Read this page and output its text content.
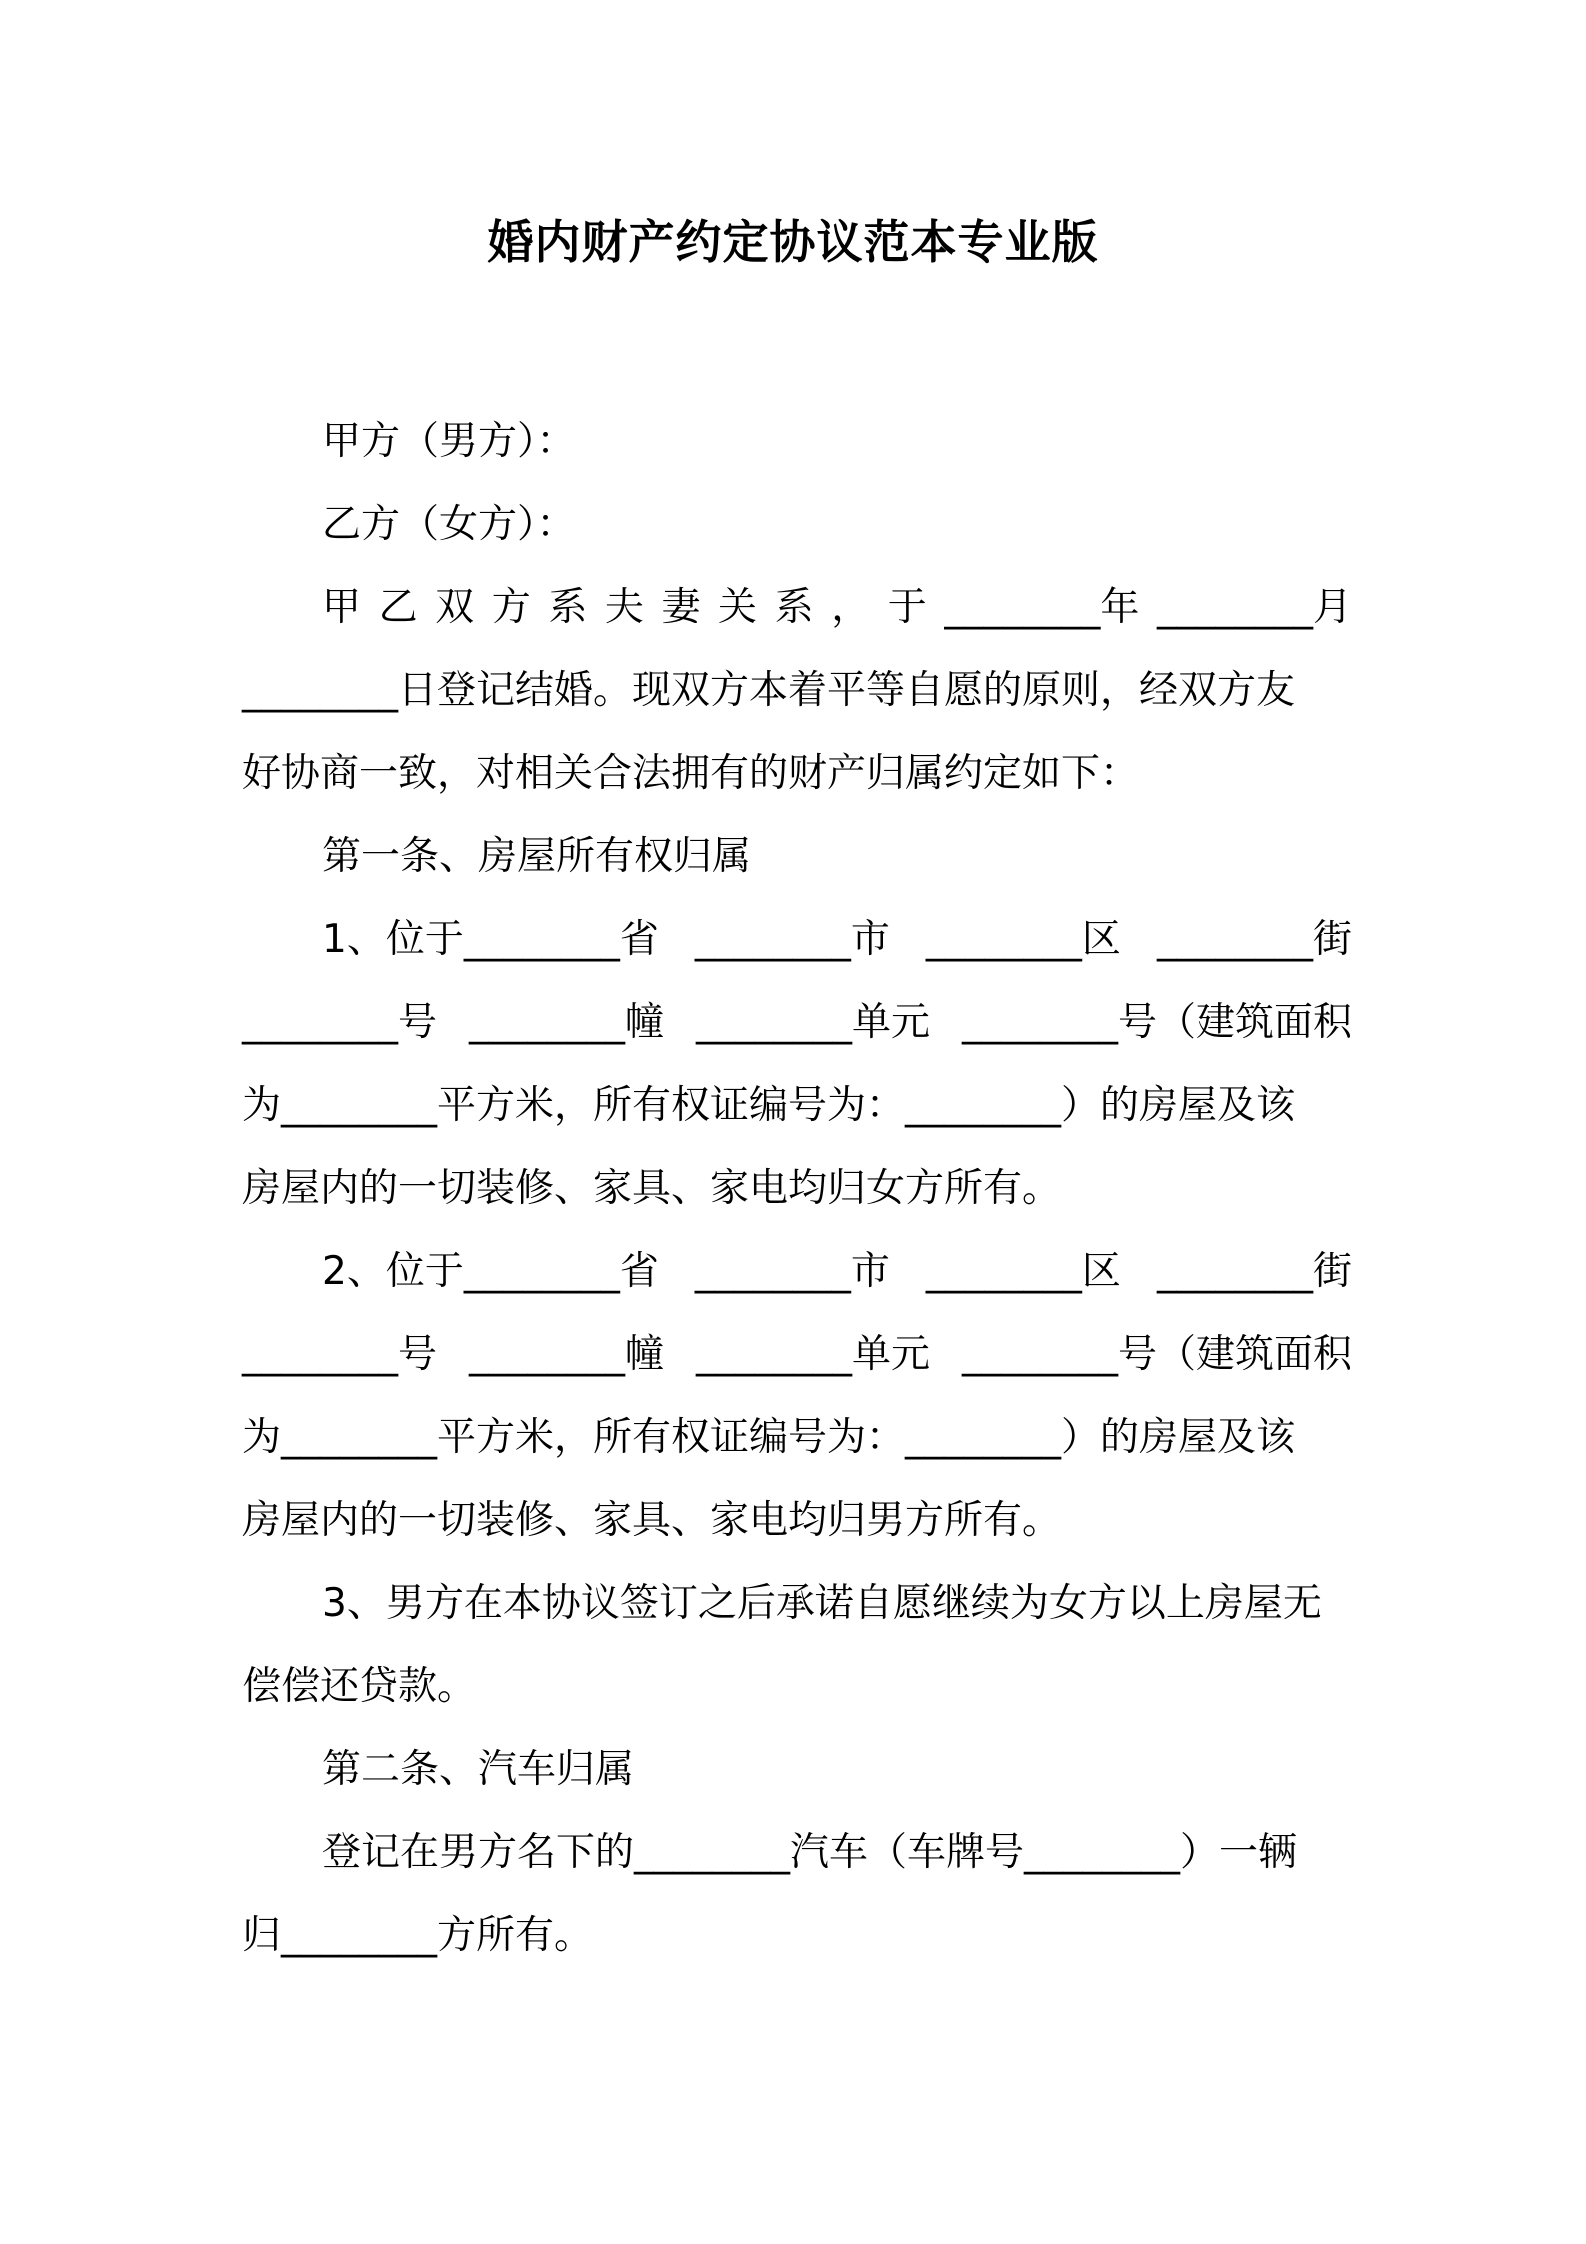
婚内财产约定协议范本专业版
甲方（男方）：
乙方（女方）：
甲 乙 双 方 系 夫 妻 关 系 ， 于 ________年 ________月
________日登记结婚。现双方本着平等自愿的原则，经双方友
好协商一致，对相关合法拥有的财产归属约定如下：
第一条、房屋所有权归属
1、位于________省 ________市 ________区 ________街
________号 ________幢 ________单元 ________号（建筑面积
为________平方米，所有权证编号为：________）的房屋及该
房屋内的一切装修、家具、家电均归女方所有。
2、位于________省 ________市 ________区 ________街
________号 ________幢 ________单元 ________号（建筑面积
为________平方米，所有权证编号为：________）的房屋及该
房屋内的一切装修、家具、家电均归男方所有。
3、男方在本协议签订之后承诺自愿继续为女方以上房屋无
偿偿还贷款。
第二条、汽车归属
登记在男方名下的________汽车（车牌号________）一辆
归________方所有。
